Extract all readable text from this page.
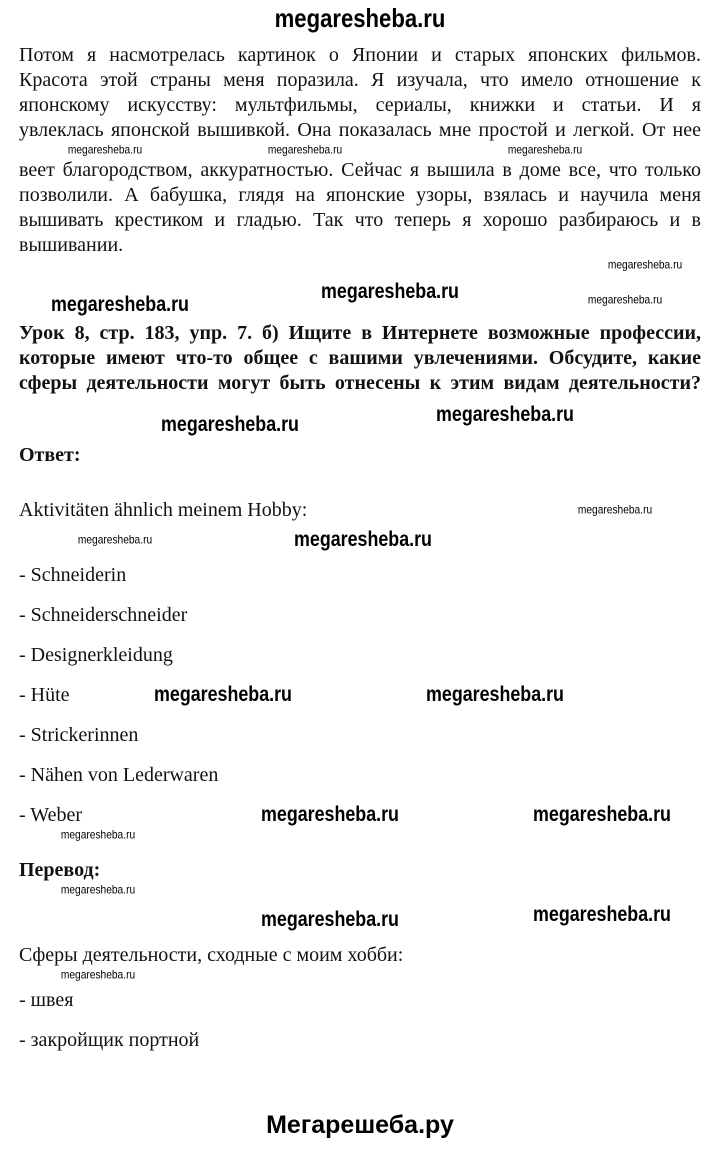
megaresheba.ru
Потом я насмотрелась картинок о Японии и старых японских фильмов.
Красота этой страны меня поразила. Я изучала, что имело отношение к
японскому искусству: мультфильмы, сериалы, книжки и статьи. И я
увлеклась японской вышивкой. Она показалась мне простой и легкой. От нее
веет благородством, аккуратностью. Сейчас я вышила в доме все, что только
позволили. А бабушка, глядя на японские узоры, взялась и научила меня
вышивать крестиком и гладью. Так что теперь я хорошо разбираюсь и в
вышивании.
Урок 8, стр. 183, упр. 7. б) Ищите в Интернете возможные профессии,
которые имеют что-то общее с вашими увлечениями. Обсудите, какие
сферы деятельности могут быть отнесены к этим видам деятельности?
Ответ:
Aktivitäten ähnlich meinem Hobby:
- Schneiderin
- Schneiderschneider
- Designerkleidung
- Hüte
- Strickerinnen
- Nähen von Lederwaren
- Weber
Перевод:
Сферы деятельности, сходные с моим хобби:
- швея
- закройщик портной
megaresheba.ru	megaresheba.ru	megaresheba.ru
megaresheba.ru
megaresheba.ru
megaresheba.ru	megaresheba.ru
megaresheba.ru	megaresheba.ru
megaresheba.ru
megaresheba.ru	megaresheba.ru
megaresheba.ru	megaresheba.ru
megaresheba.ru	megaresheba.ru
megaresheba.ru
megaresheba.ru
megaresheba.ru	megaresheba.ru
megaresheba.ru
Мегарешеба.ру
